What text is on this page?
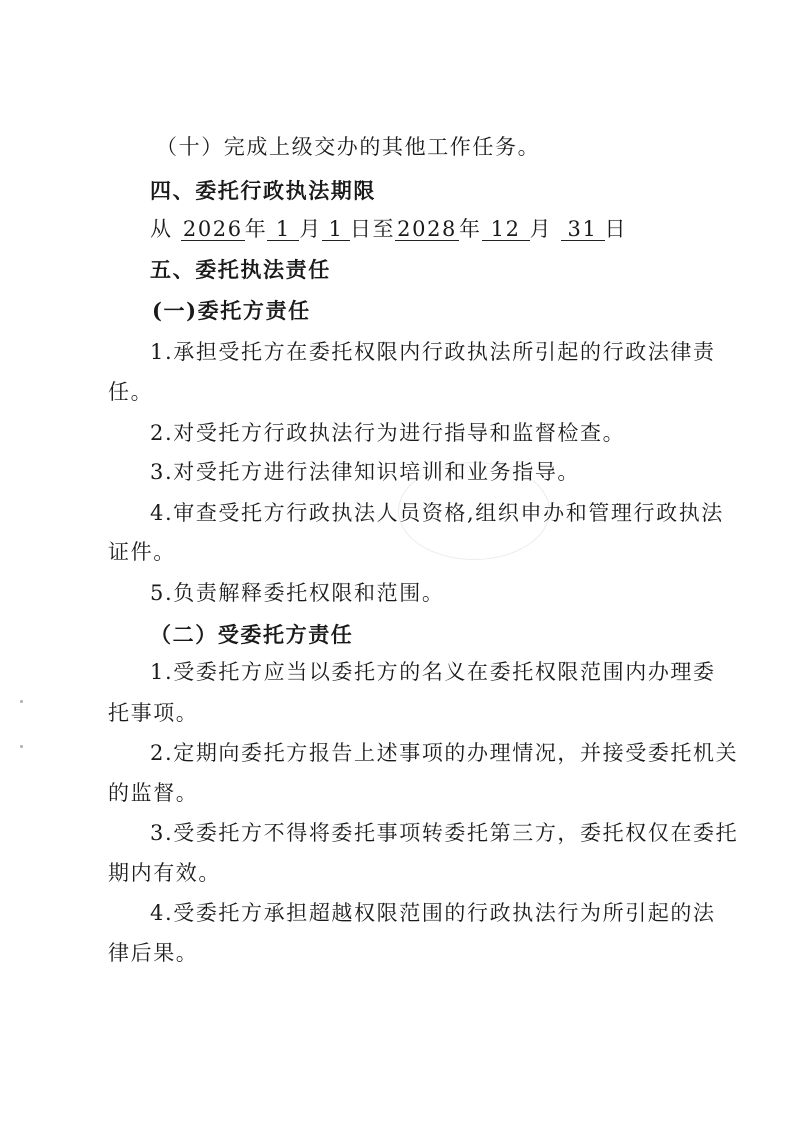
（十）完成上级交办的其他工作任务。
四、委托行政执法期限
从 2026年 1 月 1 日至2028年 12 月 31 日
五、委托执法责任
(一)委托方责任
1.承担受托方在委托权限内行政执法所引起的行政法律责
任。
2.对受托方行政执法行为进行指导和监督检查。
3.对受托方进行法律知识培训和业务指导。
4.审查受托方行政执法人员资格,组织申办和管理行政执法
证件。
5.负责解释委托权限和范围。
（二）受委托方责任
1.受委托方应当以委托方的名义在委托权限范围内办理委
托事项。
2.定期向委托方报告上述事项的办理情况，并接受委托机关
的监督。
3.受委托方不得将委托事项转委托第三方，委托权仅在委托
期内有效。
4.受委托方承担超越权限范围的行政执法行为所引起的法
律后果。
